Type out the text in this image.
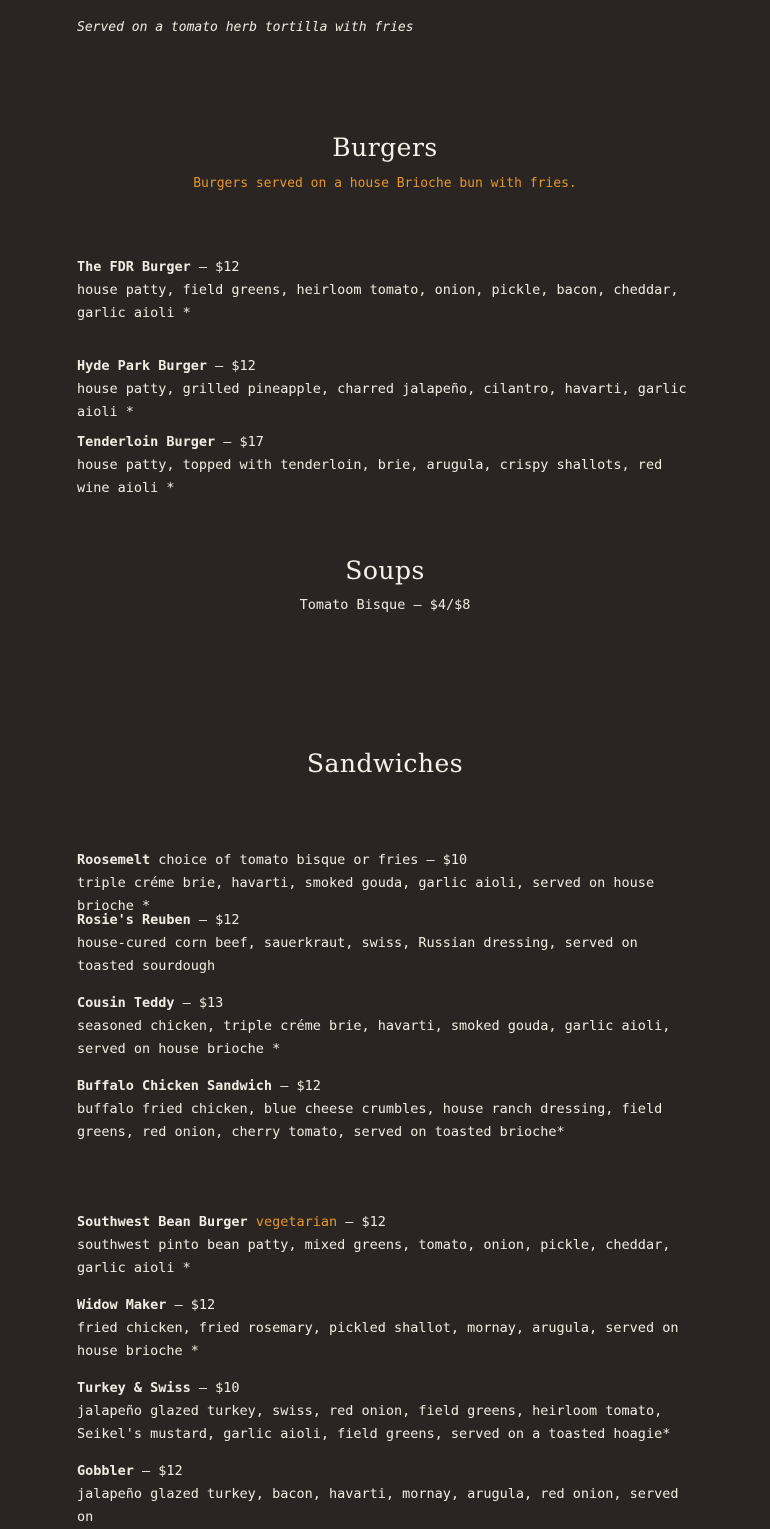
Served on a tomato herb tortilla with fries
Burgers
Burgers served on a house Brioche bun with fries.
The FDR Burger – $12
house patty, field greens, heirloom tomato, onion, pickle, bacon, cheddar, garlic aioli *
Hyde Park Burger – $12
house patty, grilled pineapple, charred jalapeño, cilantro, havarti, garlic aioli *
Tenderloin Burger – $17
house patty, topped with tenderloin, brie, arugula, crispy shallots, red wine aioli *
Soups
Tomato Bisque – $4/$8
Sandwiches
Roosemelt choice of tomato bisque or fries – $10
triple créme brie, havarti, smoked gouda, garlic aioli, served on house brioche *
Rosie's Reuben – $12
house-cured corn beef, sauerkraut, swiss, Russian dressing, served on toasted sourdough
Cousin Teddy – $13
seasoned chicken, triple créme brie, havarti, smoked gouda, garlic aioli, served on house brioche *
Buffalo Chicken Sandwich – $12
buffalo fried chicken, blue cheese crumbles, house ranch dressing, field greens, red onion, cherry tomato, served on toasted brioche*
Southwest Bean Burger vegetarian – $12
southwest pinto bean patty, mixed greens, tomato, onion, pickle, cheddar, garlic aioli *
Widow Maker – $12
fried chicken, fried rosemary, pickled shallot, mornay, arugula, served on house brioche *
Turkey & Swiss – $10
jalapeño glazed turkey, swiss, red onion, field greens, heirloom tomato, Seikel's mustard, garlic aioli, field greens, served on a toasted hoagie*
Gobbler – $12
jalapeño glazed turkey, bacon, havarti, mornay, arugula, red onion, served on
